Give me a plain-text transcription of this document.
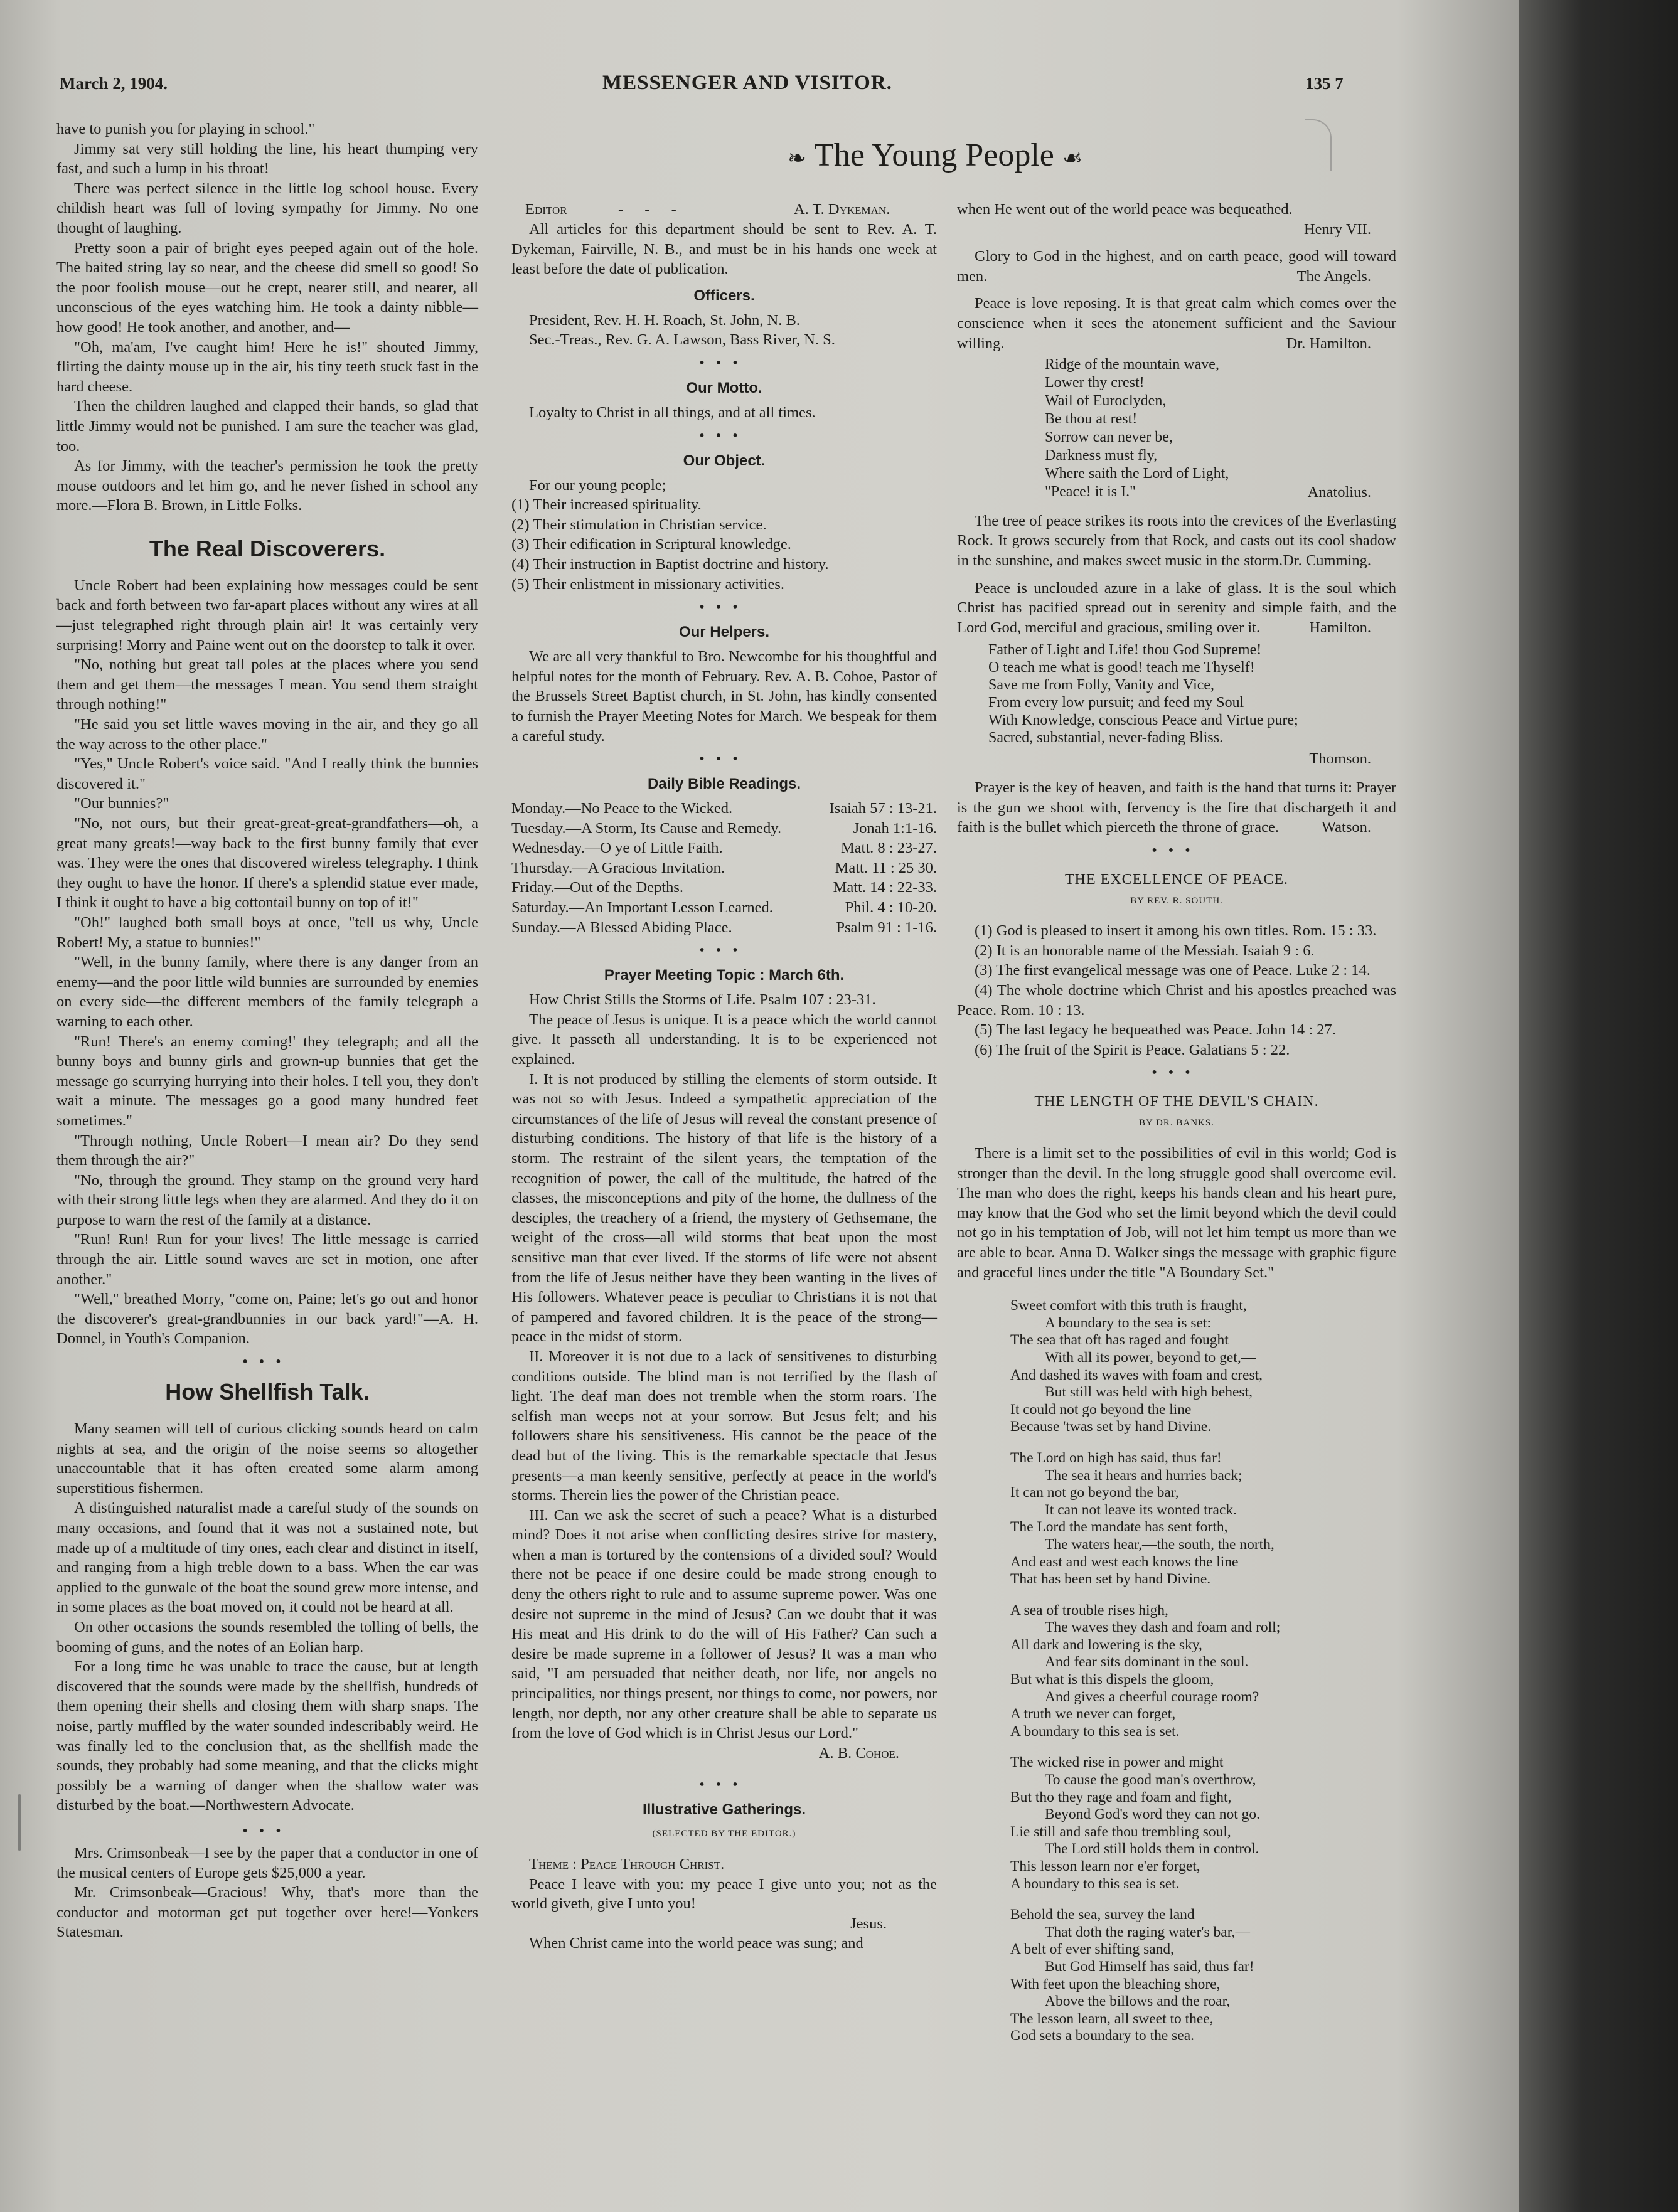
March 2, 1904.	MESSENGER AND VISITOR.	135 7

have to punish you for playing in school."

Jimmy sat very still holding the line, his heart thumping very fast, and such a lump in his throat!

There was perfect silence in the little log school house. Every childish heart was full of loving sympathy for Jimmy. No one thought of laughing.

Pretty soon a pair of bright eyes peeped again out of the hole. The baited string lay so near, and the cheese did smell so good! So the poor foolish mouse—out he crept, nearer still, and nearer, all unconscious of the eyes watching him. He took a dainty nibble—how good! He took another, and another, and—

"Oh, ma'am, I've caught him! Here he is!" shouted Jimmy, flirting the dainty mouse up in the air, his tiny teeth stuck fast in the hard cheese.

Then the children laughed and clapped their hands, so glad that little Jimmy would not be punished. I am sure the teacher was glad, too.

As for Jimmy, with the teacher's permission he took the pretty mouse outdoors and let him go, and he never fished in school any more.—Flora B. Brown, in Little Folks.

The Real Discoverers.

Uncle Robert had been explaining how messages could be sent back and forth between two far-apart places without any wires at all—just telegraphed right through plain air! It was certainly very surprising! Morry and Paine went out on the doorstep to talk it over.

"No, nothing but great tall poles at the places where you send them and get them—the messages I mean. You send them straight through nothing!"

"He said you set little waves moving in the air, and they go all the way across to the other place."

"Yes," Uncle Robert's voice said. "And I really think the bunnies discovered it."

"Our bunnies?"

"No, not ours, but their great-great-great-grandfathers—oh, a great many greats!—way back to the first bunny family that ever was. They were the ones that discovered wireless telegraphy. I think they ought to have the honor. If there's a splendid statue ever made, I think it ought to have a big cottontail bunny on top of it!"

"Oh!" laughed both small boys at once, "tell us why, Uncle Robert! My, a statue to bunnies!"

"Well, in the bunny family, where there is any danger from an enemy—and the poor little wild bunnies are surrounded by enemies on every side—the different members of the family telegraph a warning to each other.

"Run! There's an enemy coming!' they telegraph; and all the bunny boys and bunny girls and grown-up bunnies that get the message go scurrying hurrying into their holes. I tell you, they don't wait a minute. The messages go a good many hundred feet sometimes."

"Through nothing, Uncle Robert—I mean air? Do they send them through the air?"

"No, through the ground. They stamp on the ground very hard with their strong little legs when they are alarmed. And they do it on purpose to warn the rest of the family at a distance.

"Run! Run! Run for your lives! The little message is carried through the air. Little sound waves are set in motion, one after another."

"Well," breathed Morry, "come on, Paine; let's go out and honor the discoverer's great-grandbunnies in our back yard!"—A. H. Donnel, in Youth's Companion.

•••
How Shellfish Talk.

Many seamen will tell of curious clicking sounds heard on calm nights at sea, and the origin of the noise seems so altogether unaccountable that it has often created some alarm among superstitious fishermen.

A distinguished naturalist made a careful study of the sounds on many occasions, and found that it was not a sustained note, but made up of a multitude of tiny ones, each clear and distinct in itself, and ranging from a high treble down to a bass. When the ear was applied to the gunwale of the boat the sound grew more intense, and in some places as the boat moved on, it could not be heard at all.

On other occasions the sounds resembled the tolling of bells, the booming of guns, and the notes of an Eolian harp.

For a long time he was unable to trace the cause, but at length discovered that the sounds were made by the shellfish, hundreds of them opening their shells and closing them with sharp snaps. The noise, partly muffled by the water sounded indescribably weird. He was finally led to the conclusion that, as the shellfish made the sounds, they probably had some meaning, and that the clicks might possibly be a warning of danger when the shallow water was disturbed by the boat.—Northwestern Advocate.

•••

Mrs. Crimsonbeak—I see by the paper that a conductor in one of the musical centers of Europe gets $25,000 a year.

Mr. Crimsonbeak—Gracious! Why, that's more than the conductor and motorman get put together over here!—Yonkers Statesman.

❧ The Young People ☙
Editor	- - -	A. T. Dykeman.

All articles for this department should be sent to Rev. A. T. Dykeman, Fairville, N. B., and must be in his hands one week at least before the date of publication.

Officers.

President, Rev. H. H. Roach, St. John, N. B.

Sec.-Treas., Rev. G. A. Lawson, Bass River, N. S.

•••
Our Motto.

Loyalty to Christ in all things, and at all times.

•••
Our Object.

For our young people;

(1) Their increased spirituality.
(2) Their stimulation in Christian service.
(3) Their edification in Scriptural knowledge.
(4) Their instruction in Baptist doctrine and history.
(5) Their enlistment in missionary activities.
•••
Our Helpers.

We are all very thankful to Bro. Newcombe for his thoughtful and helpful notes for the month of February. Rev. A. B. Cohoe, Pastor of the Brussels Street Baptist church, in St. John, has kindly consented to furnish the Prayer Meeting Notes for March. We bespeak for them a careful study.

•••
Daily Bible Readings.
Monday.—No Peace to the Wicked.	Isaiah 57 : 13-21.
Tuesday.—A Storm, Its Cause and Remedy.	Jonah 1:1-16.
Wednesday.—O ye of Little Faith.	Matt. 8 : 23-27.
Thursday.—A Gracious Invitation.	Matt. 11 : 25 30.
Friday.—Out of the Depths.	Matt. 14 : 22-33.
Saturday.—An Important Lesson Learned.	Phil. 4 : 10-20.
Sunday.—A Blessed Abiding Place.	Psalm 91 : 1-16.
•••
Prayer Meeting Topic : March 6th.

How Christ Stills the Storms of Life. Psalm 107 : 23-31.

The peace of Jesus is unique. It is a peace which the world cannot give. It passeth all understanding. It is to be experienced not explained.

I. It is not produced by stilling the elements of storm outside. It was not so with Jesus. Indeed a sympathetic appreciation of the circumstances of the life of Jesus will reveal the constant presence of disturbing conditions. The history of that life is the history of a storm. The restraint of the silent years, the temptation of the recognition of power, the call of the multitude, the hatred of the classes, the misconceptions and pity of the home, the dullness of the desciples, the treachery of a friend, the mystery of Gethsemane, the weight of the cross—all wild storms that beat upon the most sensitive man that ever lived. If the storms of life were not absent from the life of Jesus neither have they been wanting in the lives of His followers. Whatever peace is peculiar to Christians it is not that of pampered and favored children. It is the peace of the strong—peace in the midst of storm.

II. Moreover it is not due to a lack of sensitivenes to disturbing conditions outside. The blind man is not terrified by the flash of light. The deaf man does not tremble when the storm roars. The selfish man weeps not at your sorrow. But Jesus felt; and his followers share his sensitiveness. His cannot be the peace of the dead but of the living. This is the remarkable spectacle that Jesus presents—a man keenly sensitive, perfectly at peace in the world's storms. Therein lies the power of the Christian peace.

III. Can we ask the secret of such a peace? What is a disturbed mind? Does it not arise when conflicting desires strive for mastery, when a man is tortured by the contensions of a divided soul? Would there not be peace if one desire could be made strong enough to deny the others right to rule and to assume supreme power. Was one desire not supreme in the mind of Jesus? Can we doubt that it was His meat and His drink to do the will of His Father? Can such a desire be made supreme in a follower of Jesus? It was a man who said, "I am persuaded that neither death, nor life, nor angels no principalities, nor things present, nor things to come, nor powers, nor length, nor depth, nor any other creature shall be able to separate us from the love of God which is in Christ Jesus our Lord."

A. B. Cohoe.

•••
Illustrative Gatherings.
(SELECTED BY THE EDITOR.)

Theme : Peace Through Christ.

Peace I leave with you: my peace I give unto you; not as the world giveth, give I unto you!

Jesus.

When Christ came into the world peace was sung; and

when He went out of the world peace was bequeathed.

Henry VII.

Glory to God in the highest, and on earth peace, good will toward men.	The Angels.

Peace is love reposing. It is that great calm which comes over the conscience when it sees the atonement sufficient and the Saviour willing.	Dr. Hamilton.

Ridge of the mountain wave,
Lower thy crest!
Wail of Euroclyden,
Be thou at rest!
Sorrow can never be,
Darkness must fly,
Where saith the Lord of Light,
"Peace! it is I."	Anatolius.

The tree of peace strikes its roots into the crevices of the Everlasting Rock. It grows securely from that Rock, and casts out its cool shadow in the sunshine, and makes sweet music in the storm. Dr. Cumming.

Peace is unclouded azure in a lake of glass. It is the soul which Christ has pacified spread out in serenity and simple faith, and the Lord God, merciful and gracious, smiling over it.	Hamilton.

Father of Light and Life! thou God Supreme!
O teach me what is good! teach me Thyself!
Save me from Folly, Vanity and Vice,
From every low pursuit; and feed my Soul
With Knowledge, conscious Peace and Virtue pure;
Sacred, substantial, never-fading Bliss.

Thomson.

Prayer is the key of heaven, and faith is the hand that turns it: Prayer is the gun we shoot with, fervency is the fire that dischargeth it and faith is the bullet which pierceth the throne of grace.	Watson.

•••
THE EXCELLENCE OF PEACE.
BY REV. R. SOUTH.

(1) God is pleased to insert it among his own titles. Rom. 15 : 33.

(2) It is an honorable name of the Messiah. Isaiah 9 : 6.

(3) The first evangelical message was one of Peace. Luke 2 : 14.

(4) The whole doctrine which Christ and his apostles preached was Peace. Rom. 10 : 13.

(5) The last legacy he bequeathed was Peace. John 14 : 27.

(6) The fruit of the Spirit is Peace. Galatians 5 : 22.

•••
THE LENGTH OF THE DEVIL'S CHAIN.
BY DR. BANKS.

There is a limit set to the possibilities of evil in this world; God is stronger than the devil. In the long struggle good shall overcome evil. The man who does the right, keeps his hands clean and his heart pure, may know that the God who set the limit beyond which the devil could not go in his temptation of Job, will not let him tempt us more than we are able to bear. Anna D. Walker sings the message with graphic figure and graceful lines under the title "A Boundary Set."

Sweet comfort with this truth is fraught,
A boundary to the sea is set:
The sea that oft has raged and fought
With all its power, beyond to get,—
And dashed its waves with foam and crest,
But still was held with high behest,
It could not go beyond the line
Because 'twas set by hand Divine.
The Lord on high has said, thus far!
The sea it hears and hurries back;
It can not go beyond the bar,
It can not leave its wonted track.
The Lord the mandate has sent forth,
The waters hear,—the south, the north,
And east and west each knows the line
That has been set by hand Divine.
A sea of trouble rises high,
The waves they dash and foam and roll;
All dark and lowering is the sky,
And fear sits dominant in the soul.
But what is this dispels the gloom,
And gives a cheerful courage room?
A truth we never can forget,
A boundary to this sea is set.
The wicked rise in power and might
To cause the good man's overthrow,
But tho they rage and foam and fight,
Beyond God's word they can not go.
Lie still and safe thou trembling soul,
The Lord still holds them in control.
This lesson learn nor e'er forget,
A boundary to this sea is set.
Behold the sea, survey the land
That doth the raging water's bar,—
A belt of ever shifting sand,
But God Himself has said, thus far!
With feet upon the bleaching shore,
Above the billows and the roar,
The lesson learn, all sweet to thee,
God sets a boundary to the sea.
